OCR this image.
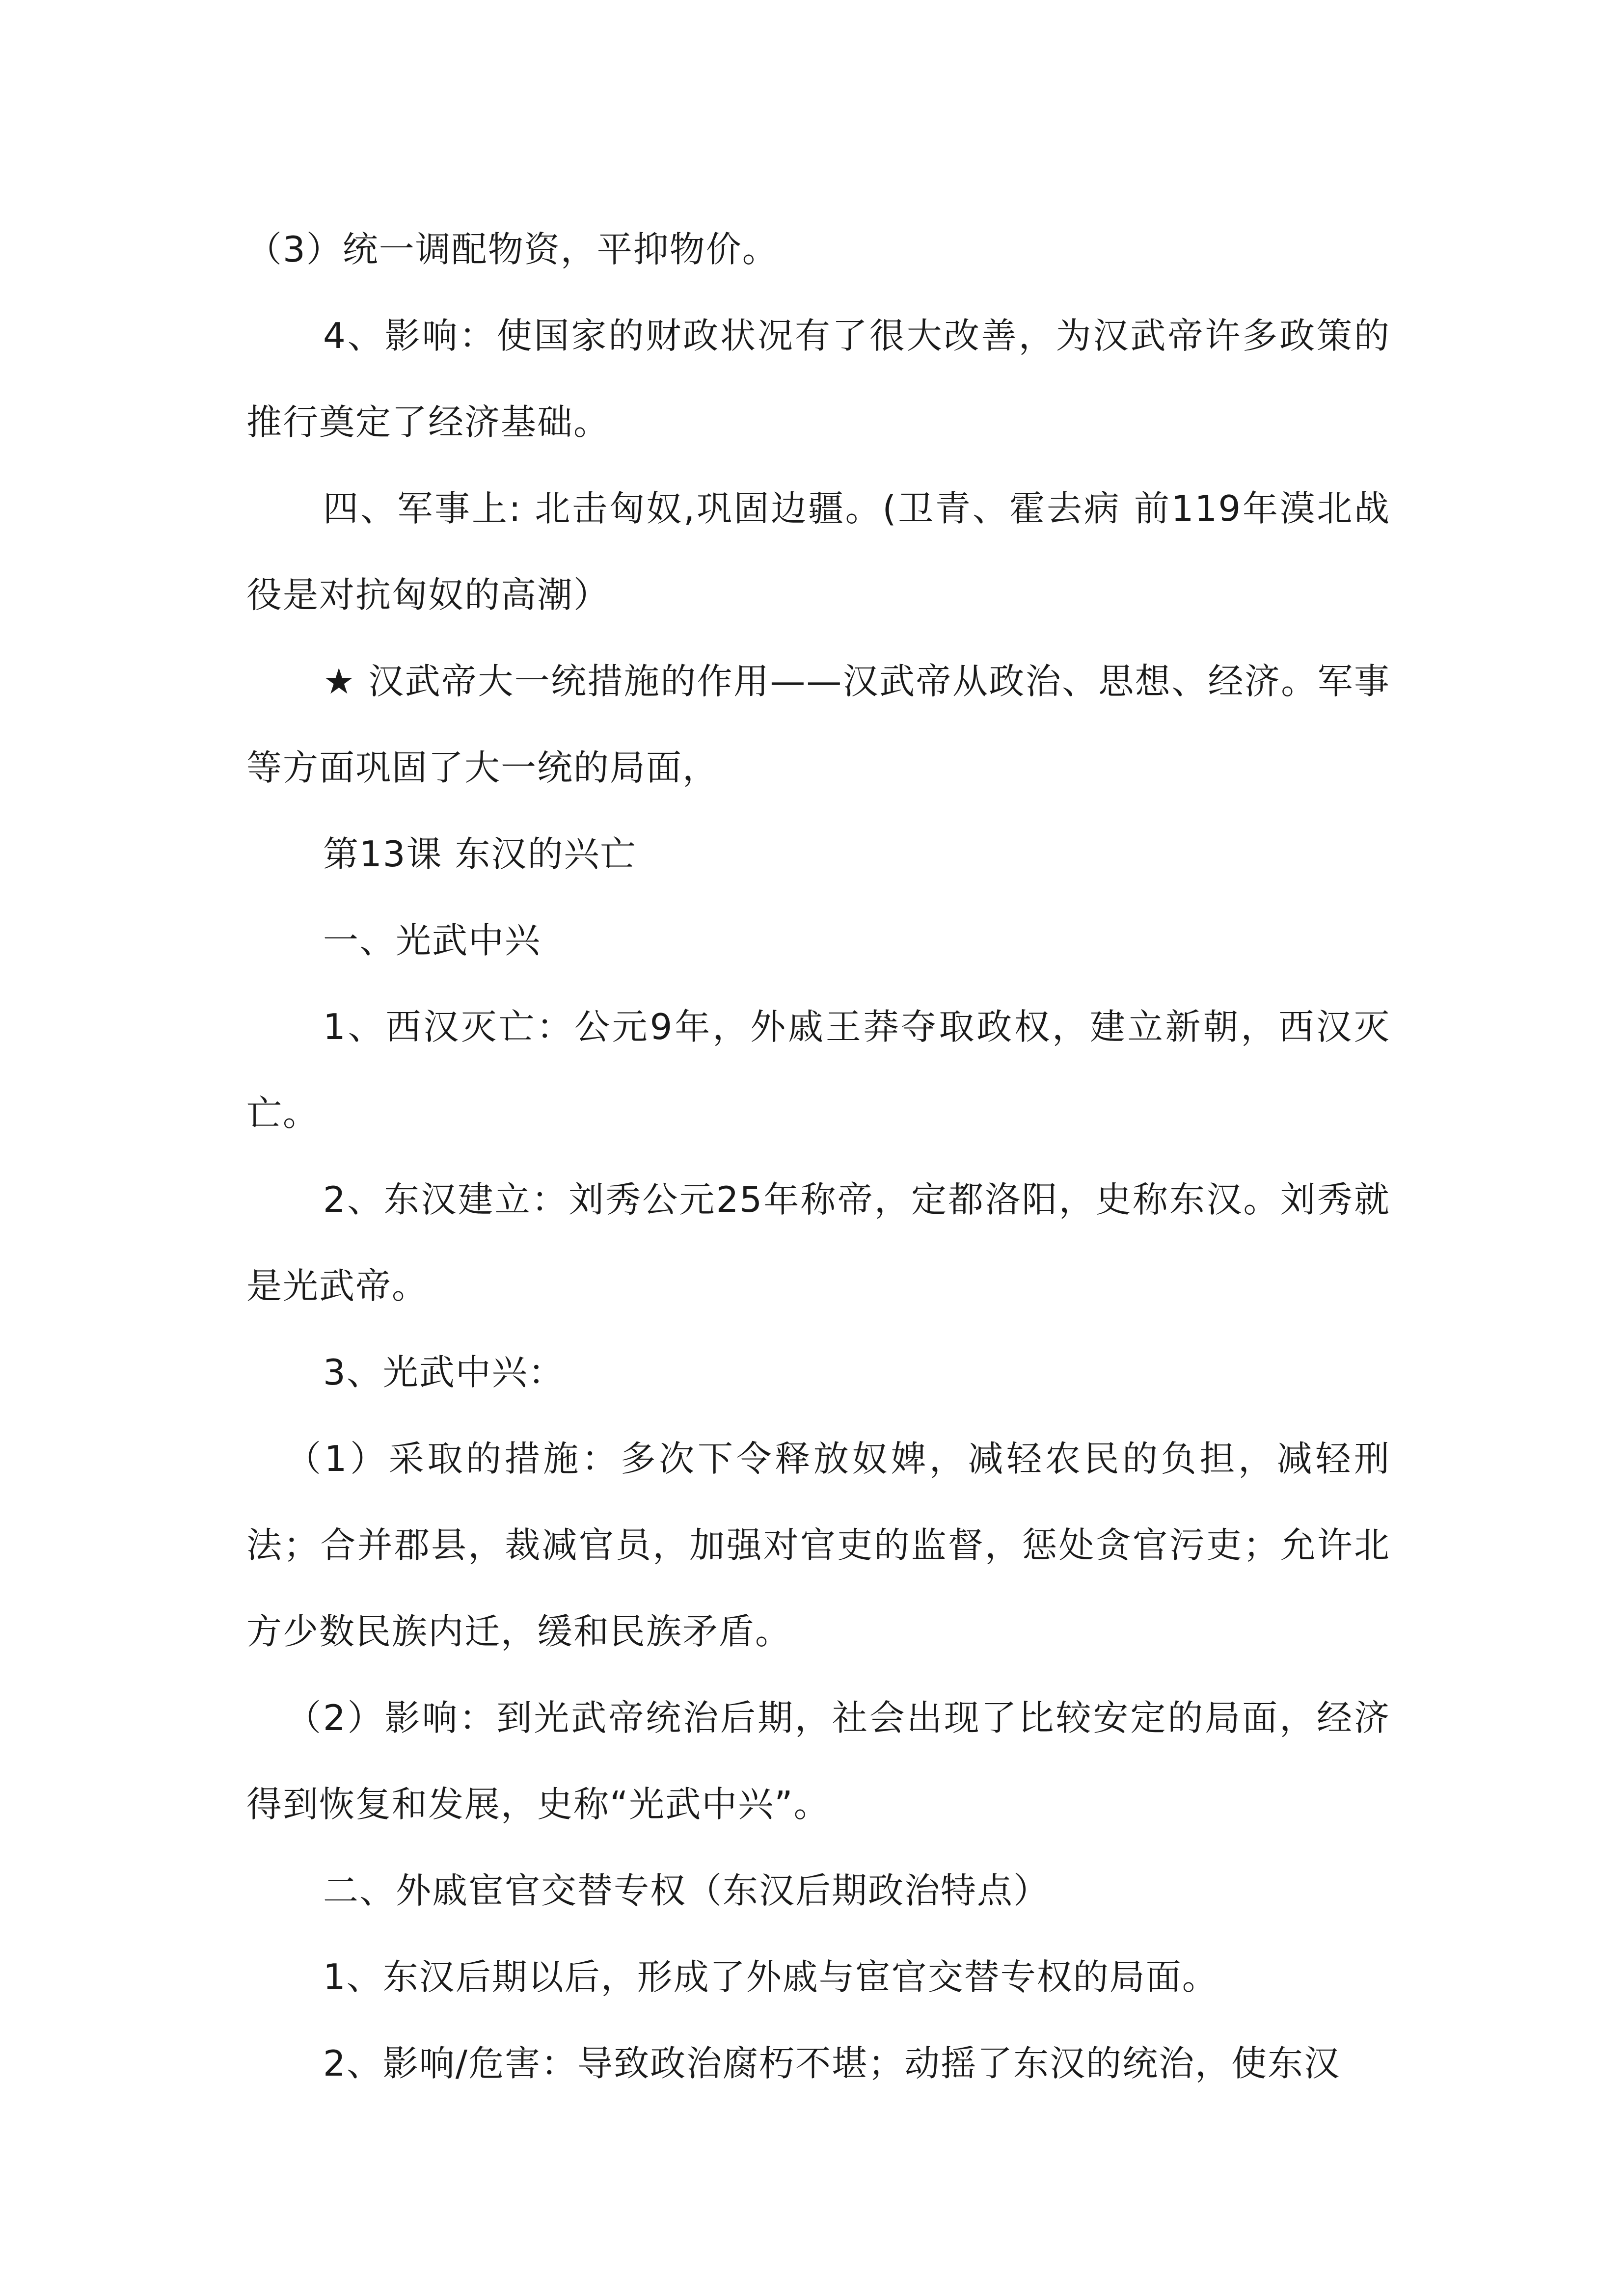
（3）统一调配物资，平抑物价。

4、影响：使国家的财政状况有了很大改善，为汉武帝许多政策的推行奠定了经济基础。

四、军事上: 北击匈奴,巩固边疆。(卫青、霍去病 前119年漠北战役是对抗匈奴的高潮）

★ 汉武帝大一统措施的作用——汉武帝从政治、思想、经济。军事等方面巩固了大一统的局面，

第13课 东汉的兴亡

一、光武中兴

1、西汉灭亡：公元9年，外戚王莽夺取政权，建立新朝，西汉灭亡。

2、东汉建立：刘秀公元25年称帝，定都洛阳，史称东汉。刘秀就是光武帝。

3、光武中兴：

（1）采取的措施：多次下令释放奴婢，减轻农民的负担，减轻刑法；合并郡县，裁减官员，加强对官吏的监督，惩处贪官污吏；允许北方少数民族内迁，缓和民族矛盾。

（2）影响：到光武帝统治后期，社会出现了比较安定的局面，经济得到恢复和发展，史称“光武中兴”。

二、外戚宦官交替专权（东汉后期政治特点）

1、东汉后期以后，形成了外戚与宦官交替专权的局面。

2、影响/危害：导致政治腐朽不堪；动摇了东汉的统治，使东汉
